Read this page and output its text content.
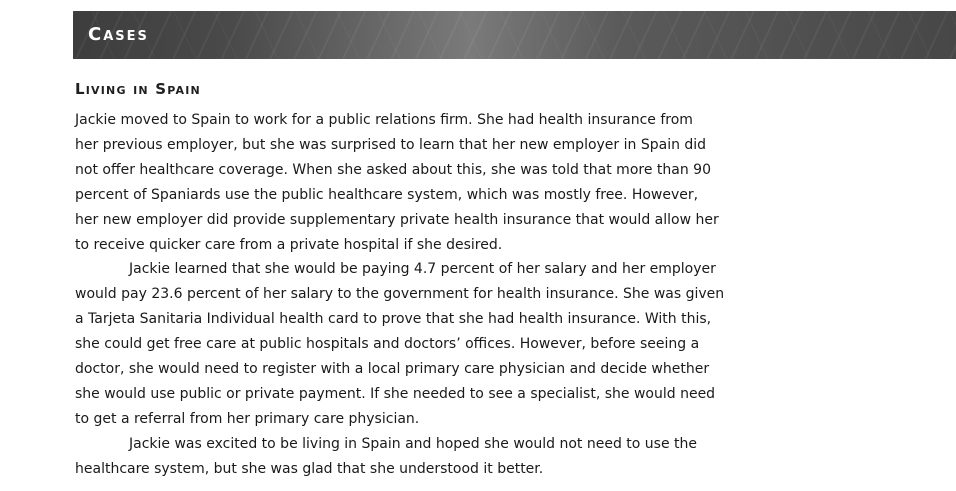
Cases
Living in Spain
Jackie moved to Spain to work for a public relations firm. She had health insurance from
her previous employer, but she was surprised to learn that her new employer in Spain did
not offer healthcare coverage. When she asked about this, she was told that more than 90
percent of Spaniards use the public healthcare system, which was mostly free. However,
her new employer did provide supplementary private health insurance that would allow her
to receive quicker care from a private hospital if she desired.
Jackie learned that she would be paying 4.7 percent of her salary and her employer
would pay 23.6 percent of her salary to the government for health insurance. She was given
a Tarjeta Sanitaria Individual health card to prove that she had health insurance. With this,
she could get free care at public hospitals and doctors’ offices. However, before seeing a
doctor, she would need to register with a local primary care physician and decide whether
she would use public or private payment. If she needed to see a specialist, she would need
to get a referral from her primary care physician.
Jackie was excited to be living in Spain and hoped she would not need to use the
healthcare system, but she was glad that she understood it better.
